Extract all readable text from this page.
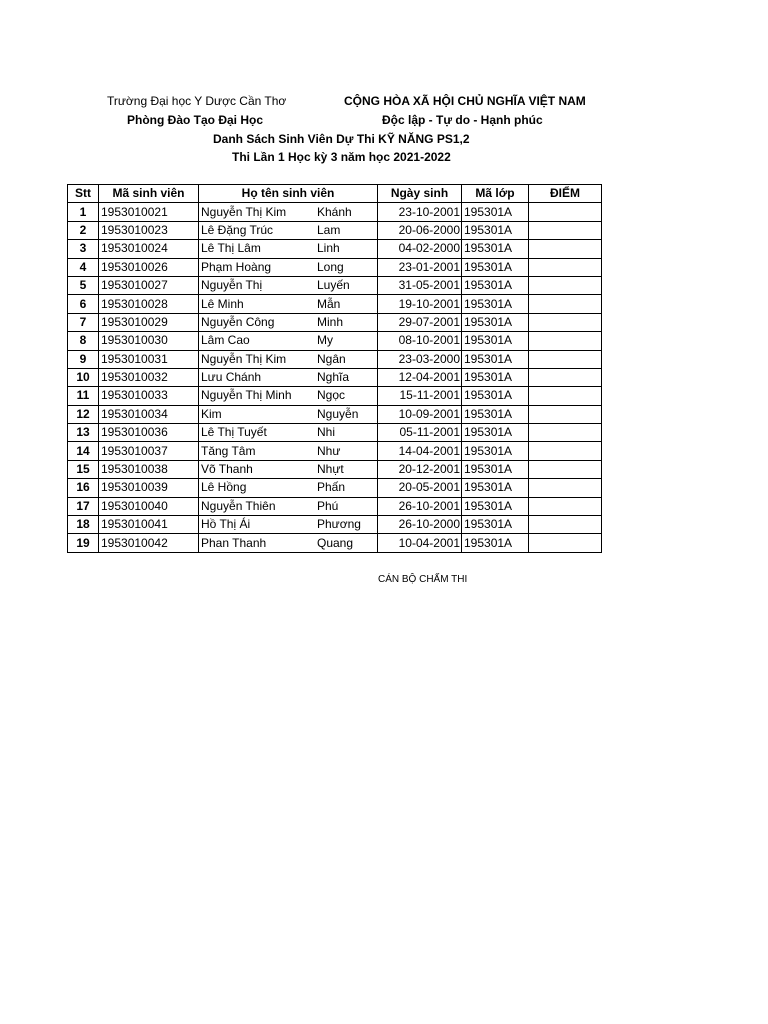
Trường Đại học Y Dược Cần Thơ	CỘNG HÒA XÃ HỘI CHỦ NGHĨA VIỆT NAM
Phòng Đào Tạo Đại Học	Độc lập - Tự do - Hạnh phúc
Danh Sách Sinh Viên Dự Thi KỸ NĂNG PS1,2
Thi Lần 1 Học kỳ 3 năm học 2021-2022
Stt	Mã sinh viên	Họ tên sinh viên	Ngày sinh	Mã lớp	ĐIỂM
1	1953010021	Nguyễn Thị Kim Khánh	23-10-2001	195301A	
2	1953010023	Lê Đặng Trúc Lam	20-06-2000	195301A	
3	1953010024	Lê Thị Lâm Linh	04-02-2000	195301A	
4	1953010026	Phạm Hoàng Long	23-01-2001	195301A	
5	1953010027	Nguyễn Thị Luyến	31-05-2001	195301A	
6	1953010028	Lê Minh Mẫn	19-10-2001	195301A	
7	1953010029	Nguyễn Công Minh	29-07-2001	195301A	
8	1953010030	Lâm Cao My	08-10-2001	195301A	
9	1953010031	Nguyễn Thị Kim Ngân	23-03-2000	195301A	
10	1953010032	Lưu Chánh Nghĩa	12-04-2001	195301A	
11	1953010033	Nguyễn Thị Minh Ngọc	15-11-2001	195301A	
12	1953010034	Kim Nguyễn	10-09-2001	195301A	
13	1953010036	Lê Thị Tuyết Nhi	05-11-2001	195301A	
14	1953010037	Tăng Tâm Như	14-04-2001	195301A	
15	1953010038	Võ Thanh Nhựt	20-12-2001	195301A	
16	1953010039	Lê Hồng Phấn	20-05-2001	195301A	
17	1953010040	Nguyễn Thiên Phú	26-10-2001	195301A	
18	1953010041	Hồ Thị Ái Phương	26-10-2000	195301A	
19	1953010042	Phan Thanh Quang	10-04-2001	195301A	
CÁN BỘ CHẤM THI
